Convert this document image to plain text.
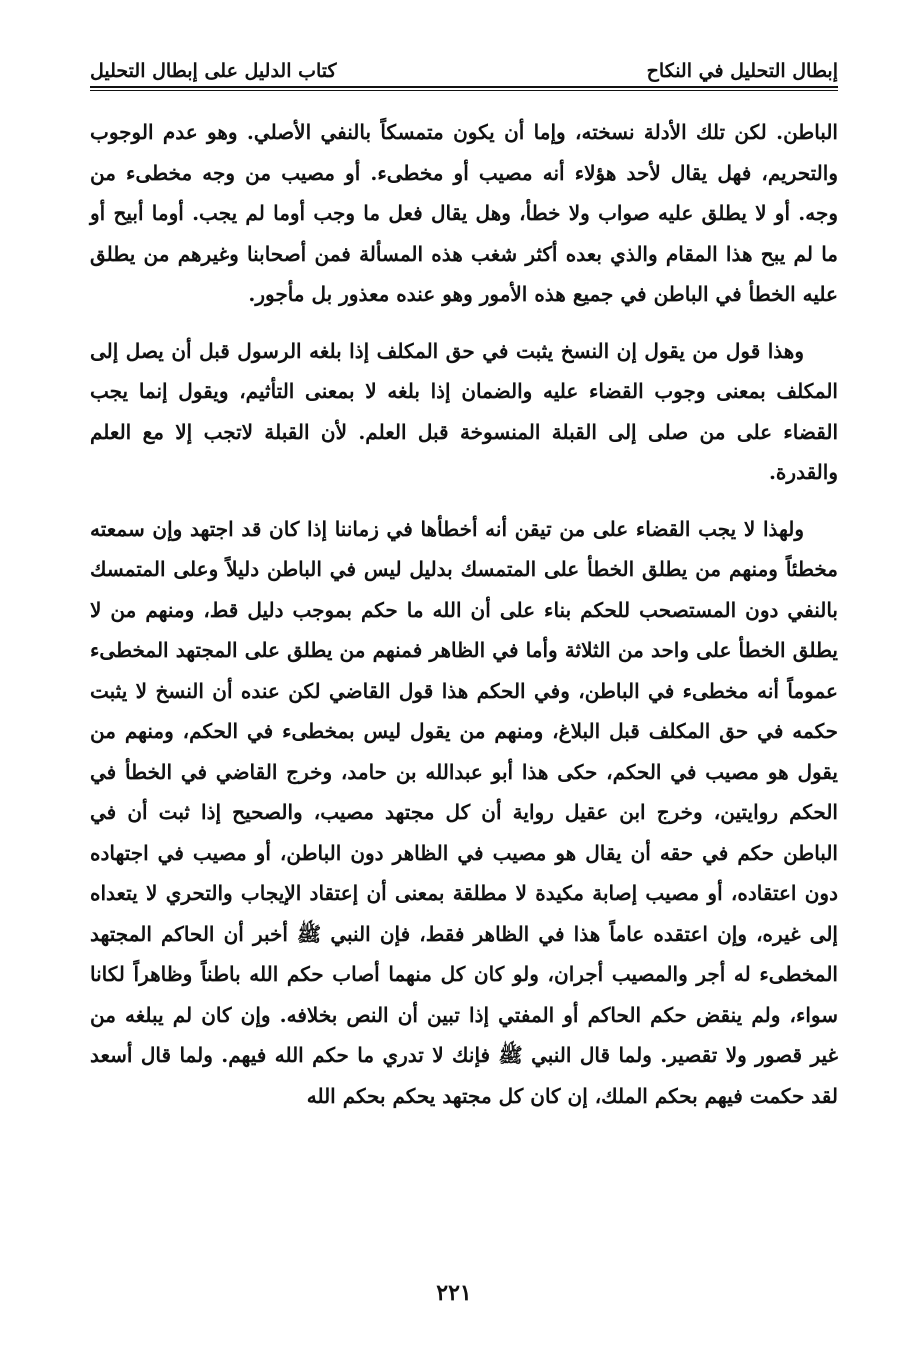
إبطال التحليل في النكاح
كتاب الدليل على إبطال التحليل

الباطن. لكن تلك الأدلة نسخته، وإما أن يكون متمسكاً بالنفي الأصلي. وهو عدم الوجوب والتحريم، فهل يقال لأحد هؤلاء أنه مصيب أو مخطىء. أو مصيب من وجه مخطىء من وجه. أو لا يطلق عليه صواب ولا خطأ، وهل يقال فعل ما وجب أوما لم يجب. أوما أبيح أو ما لم يبح هذا المقام والذي بعده أكثر شغب هذه المسألة فمن أصحابنا وغيرهم من يطلق عليه الخطأ في الباطن في جميع هذه الأمور وهو عنده معذور بل مأجور.

وهذا قول من يقول إن النسخ يثبت في حق المكلف إذا بلغه الرسول قبل أن يصل إلى المكلف بمعنى وجوب القضاء عليه والضمان إذا بلغه لا بمعنى التأثيم، ويقول إنما يجب القضاء على من صلى إلى القبلة المنسوخة قبل العلم. لأن القبلة لاتجب إلا مع العلم والقدرة.

ولهذا لا يجب القضاء على من تيقن أنه أخطأها في زماننا إذا كان قد اجتهد وإن سمعته مخطئاً ومنهم من يطلق الخطأ على المتمسك بدليل ليس في الباطن دليلاً وعلى المتمسك بالنفي دون المستصحب للحكم بناء على أن الله ما حكم بموجب دليل قط، ومنهم من لا يطلق الخطأ على واحد من الثلاثة وأما في الظاهر فمنهم من يطلق على المجتهد المخطىء عموماً أنه مخطىء في الباطن، وفي الحكم هذا قول القاضي لكن عنده أن النسخ لا يثبت حكمه في حق المكلف قبل البلاغ، ومنهم من يقول ليس بمخطىء في الحكم، ومنهم من يقول هو مصيب في الحكم، حكى هذا أبو عبدالله بن حامد، وخرج القاضي في الخطأ في الحكم روايتين، وخرج ابن عقيل رواية أن كل مجتهد مصيب، والصحيح إذا ثبت أن في الباطن حكم في حقه أن يقال هو مصيب في الظاهر دون الباطن، أو مصيب في اجتهاده دون اعتقاده، أو مصيب إصابة مكيدة لا مطلقة بمعنى أن إعتقاد الإيجاب والتحري لا يتعداه إلى غيره، وإن اعتقده عاماً هذا في الظاهر فقط، فإن النبي ﷺ أخبر أن الحاكم المجتهد المخطىء له أجر والمصيب أجران، ولو كان كل منهما أصاب حكم الله باطناً وظاهراً لكانا سواء، ولم ينقض حكم الحاكم أو المفتي إذا تبين أن النص بخلافه. وإن كان لم يبلغه من غير قصور ولا تقصير. ولما قال النبي ﷺ فإنك لا تدري ما حكم الله فيهم. ولما قال أسعد لقد حكمت فيهم بحكم الملك، إن كان كل مجتهد يحكم بحكم الله

٢٢١
